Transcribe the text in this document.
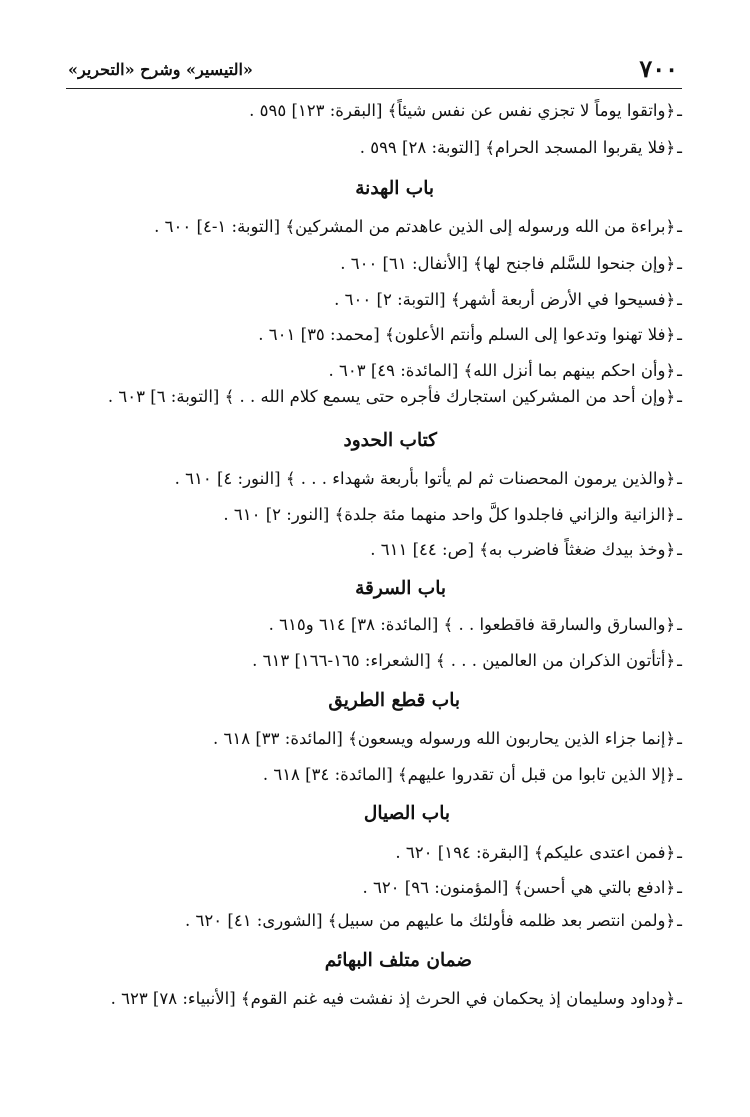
٧٠٠
«التيسير» وشرح «التحرير»
ـ﴿واتقوا يوماً لا تجزي نفس عن نفس شيئاً﴾ [البقرة: ١٢٣] ٥٩٥ .
ـ﴿فلا يقربوا المسجد الحرام﴾ [التوبة: ٢٨] ٥٩٩ .
باب الهدنة
ـ﴿براءة من الله ورسوله إلى الذين عاهدتم من المشركين﴾ [التوبة: ١-٤] ٦٠٠ .
ـ﴿وإن جنحوا للسَّلم فاجنح لها﴾ [الأنفال: ٦١] ٦٠٠ .
ـ﴿فسيحوا في الأرض أربعة أشهر﴾ [التوبة: ٢] ٦٠٠ .
ـ﴿فلا تهنوا وتدعوا إلى السلم وأنتم الأعلون﴾ [محمد: ٣٥] ٦٠١ .
ـ﴿وأن احكم بينهم بما أنزل الله﴾ [المائدة: ٤٩] ٦٠٣ .
ـ﴿وإن أحد من المشركين استجارك فأجره حتى يسمع كلام الله . . ﴾ [التوبة: ٦] ٦٠٣ .
كتاب الحدود
ـ﴿والذين يرمون المحصنات ثم لم يأتوا بأربعة شهداء . . . ﴾ [النور: ٤] ٦١٠ .
ـ﴿الزانية والزاني فاجلدوا كلَّ واحد منهما مئة جلدة﴾ [النور: ٢] ٦١٠ .
ـ﴿وخذ بيدك ضغثاً فاضرب به﴾ [ص: ٤٤] ٦١١ .
باب السرقة
ـ﴿والسارق والسارقة فاقطعوا . . ﴾ [المائدة: ٣٨] ٦١٤ و٦١٥ .
ـ﴿أتأتون الذكران من العالمين . . . ﴾ [الشعراء: ١٦٥-١٦٦] ٦١٣ .
باب قطع الطريق
ـ﴿إنما جزاء الذين يحاربون الله ورسوله ويسعون﴾ [المائدة: ٣٣] ٦١٨ .
ـ﴿إلا الذين تابوا من قبل أن تقدروا عليهم﴾ [المائدة: ٣٤] ٦١٨ .
باب الصيال
ـ﴿فمن اعتدى عليكم﴾ [البقرة: ١٩٤] ٦٢٠ .
ـ﴿ادفع بالتي هي أحسن﴾ [المؤمنون: ٩٦] ٦٢٠ .
ـ﴿ولمن انتصر بعد ظلمه فأولئك ما عليهم من سبيل﴾ [الشورى: ٤١] ٦٢٠ .
ضمان متلف البهائم
ـ﴿وداود وسليمان إذ يحكمان في الحرث إذ نفشت فيه غنم القوم﴾ [الأنبياء: ٧٨] ٦٢٣ .
